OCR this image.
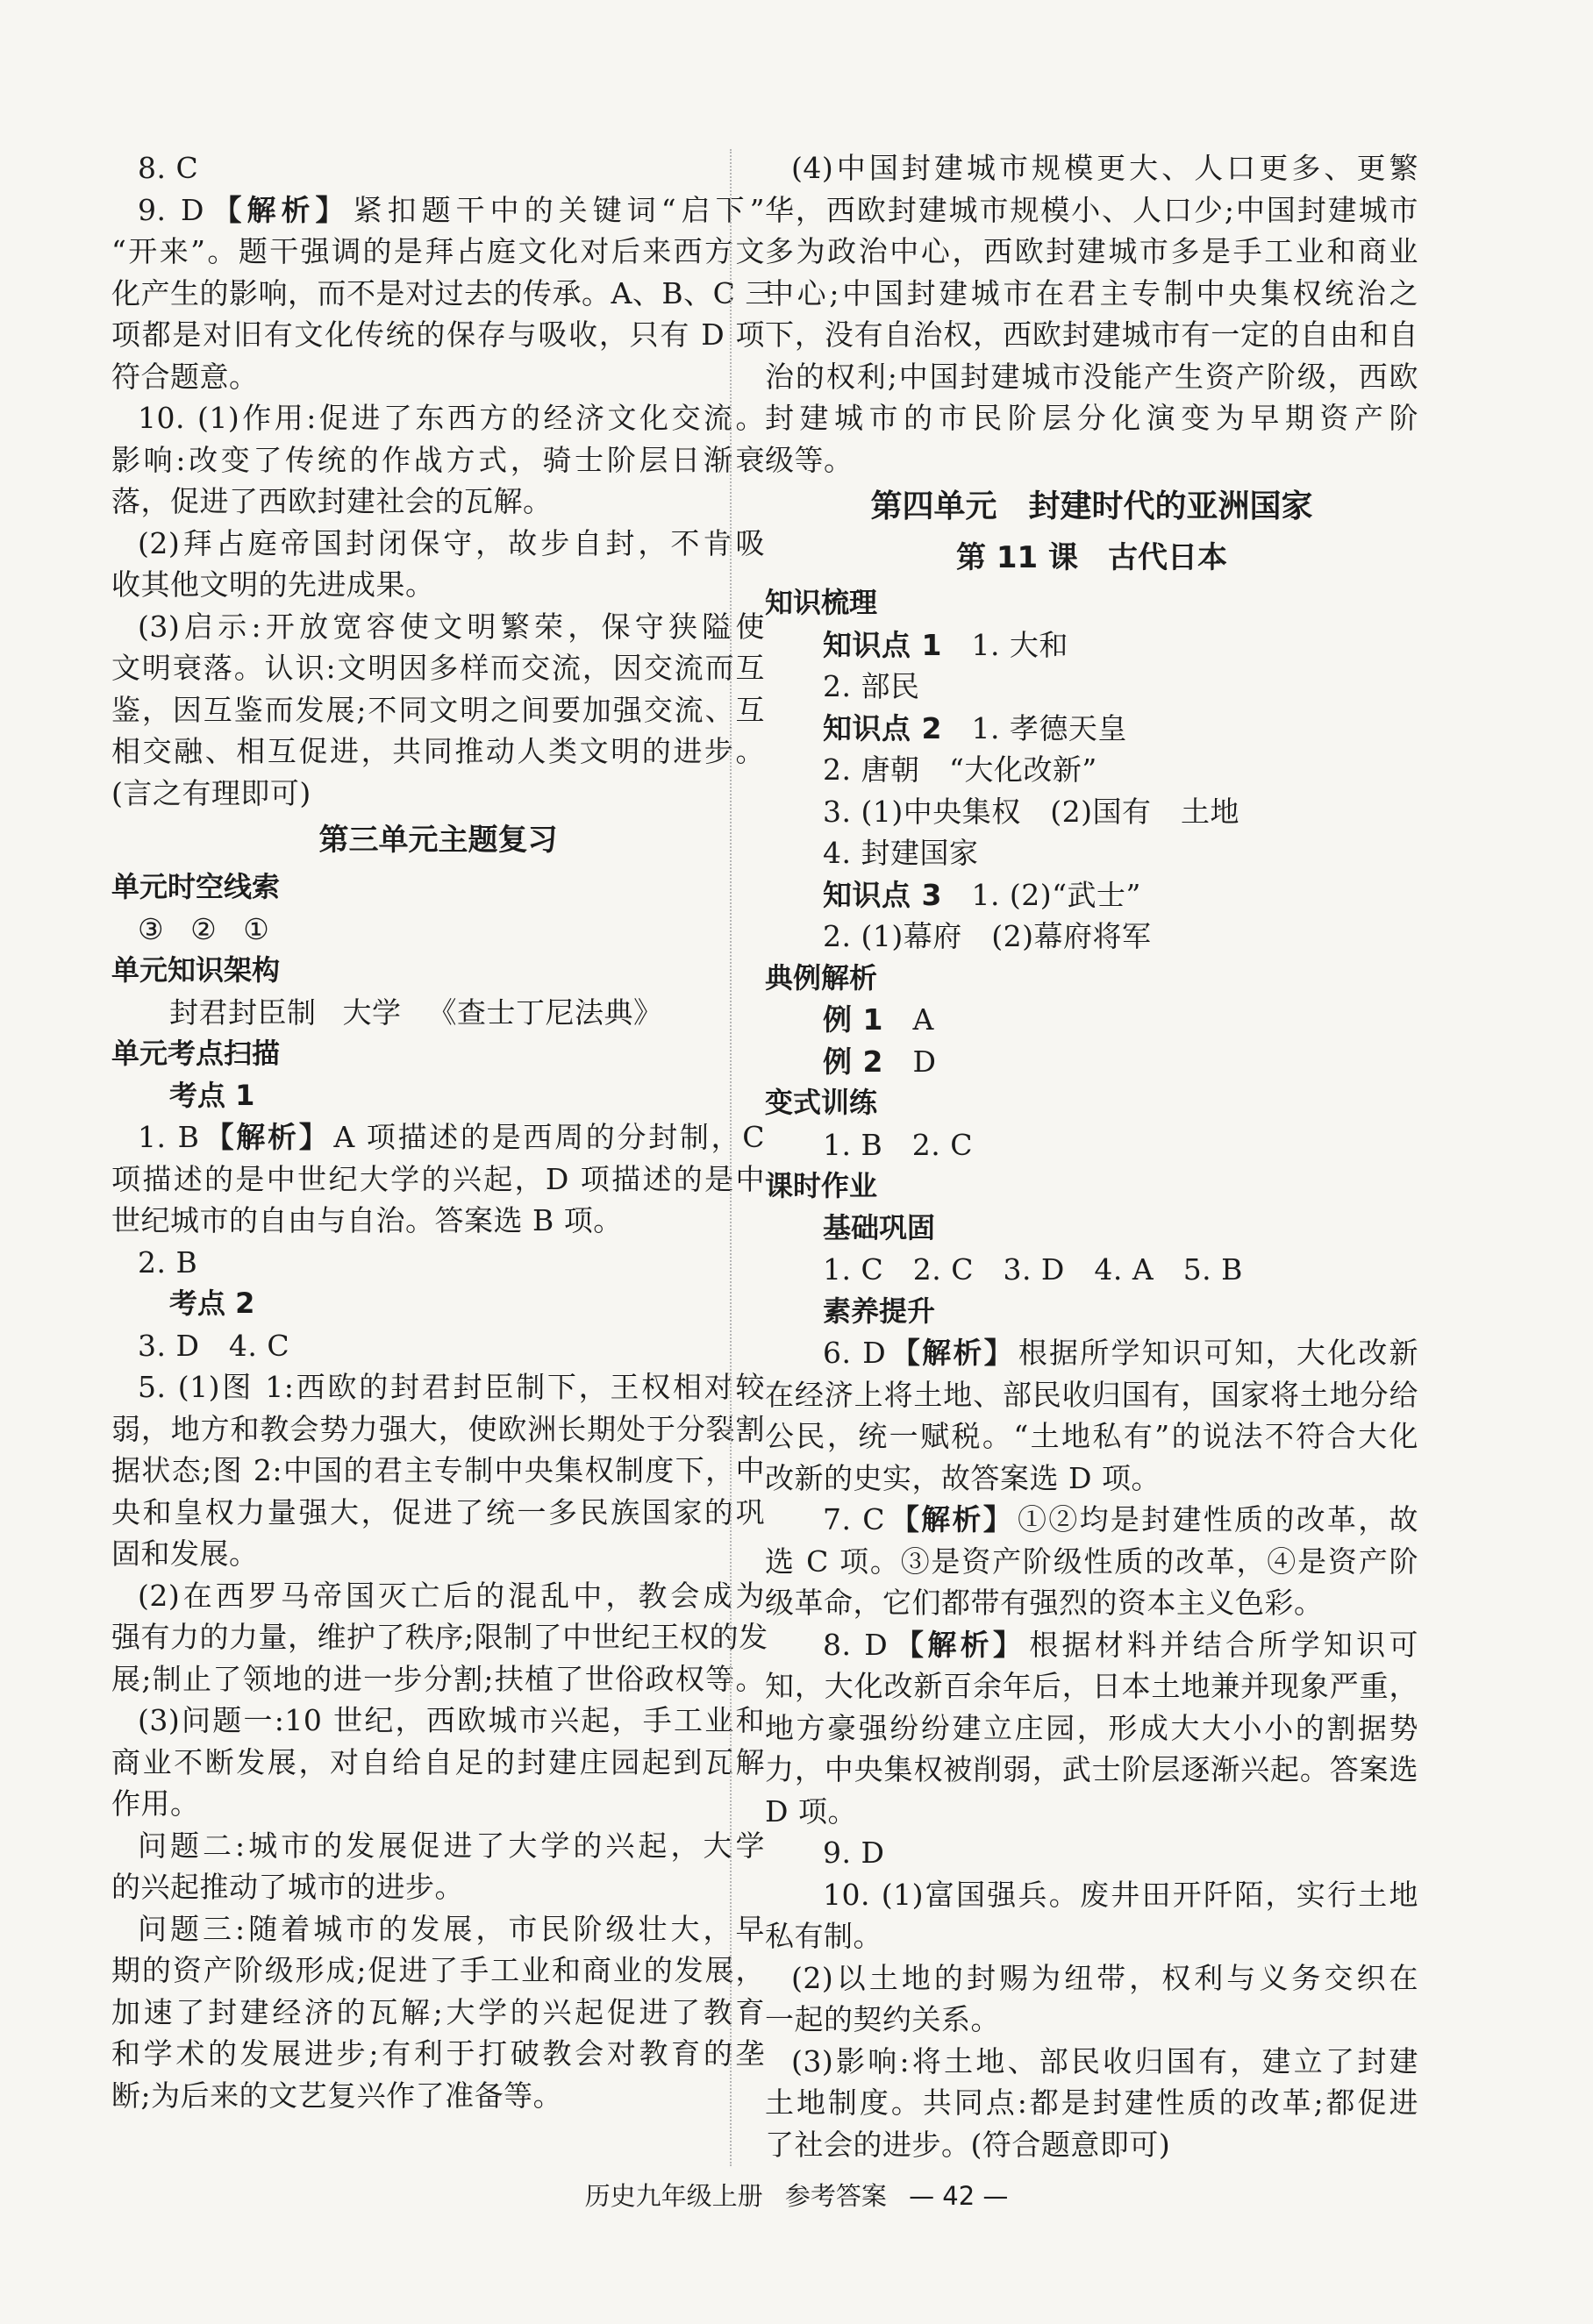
8. C
9. D 【解析】 紧扣题干中的关键词“启下”
“开来”。题干强调的是拜占庭文化对后来西方文
化产生的影响，而不是对过去的传承。A、B、C 三
项都是对旧有文化传统的保存与吸收，只有 D 项
符合题意。
10. (1)作用:促进了东西方的经济文化交流。
影响:改变了传统的作战方式，骑士阶层日渐衰
落，促进了西欧封建社会的瓦解。
(2)拜占庭帝国封闭保守，故步自封，不肯吸
收其他文明的先进成果。
(3)启示:开放宽容使文明繁荣，保守狭隘使
文明衰落。认识:文明因多样而交流，因交流而互
鉴，因互鉴而发展;不同文明之间要加强交流、互
相交融、相互促进，共同推动人类文明的进步。
(言之有理即可)
第三单元主题复习
单元时空线索
③ ② ①
单元知识架构
封君封臣制 大学 《查士丁尼法典》
单元考点扫描
考点 1
1. B 【解析】 A 项描述的是西周的分封制，C
项描述的是中世纪大学的兴起，D 项描述的是中
世纪城市的自由与自治。答案选 B 项。
2. B
考点 2
3. D　4. C
5. (1)图 1:西欧的封君封臣制下，王权相对较
弱，地方和教会势力强大，使欧洲长期处于分裂割
据状态;图 2:中国的君主专制中央集权制度下，中
央和皇权力量强大，促进了统一多民族国家的巩
固和发展。
(2)在西罗马帝国灭亡后的混乱中，教会成为
强有力的力量，维护了秩序;限制了中世纪王权的发
展;制止了领地的进一步分割;扶植了世俗政权等。
(3)问题一:10 世纪，西欧城市兴起，手工业和
商业不断发展，对自给自足的封建庄园起到瓦解
作用。
问题二:城市的发展促进了大学的兴起，大学
的兴起推动了城市的进步。
问题三:随着城市的发展，市民阶级壮大，早
期的资产阶级形成;促进了手工业和商业的发展，
加速了封建经济的瓦解;大学的兴起促进了教育
和学术的发展进步;有利于打破教会对教育的垄
断;为后来的文艺复兴作了准备等。
(4)中国封建城市规模更大、人口更多、更繁
华，西欧封建城市规模小、人口少;中国封建城市
多为政治中心，西欧封建城市多是手工业和商业
中心;中国封建城市在君主专制中央集权统治之
下，没有自治权，西欧封建城市有一定的自由和自
治的权利;中国封建城市没能产生资产阶级，西欧
封建城市的市民阶层分化演变为早期资产阶
级等。
第四单元　封建时代的亚洲国家
第 11 课　古代日本
知识梳理
知识点 1　 1. 大和
2. 部民
知识点 2　 1. 孝德天皇
2. 唐朝　“大化改新”
3. (1)中央集权　(2)国有　土地
4. 封建国家
知识点 3　 1. (2)“武士”
2. (1)幕府　(2)幕府将军
典例解析
例 1　 A
例 2　 D
变式训练
1. B　2. C
课时作业
基础巩固
1. C　2. C　3. D　4. A　5. B
素养提升
6. D 【解析】 根据所学知识可知，大化改新
在经济上将土地、部民收归国有，国家将土地分给
公民，统一赋税。“土地私有”的说法不符合大化
改新的史实，故答案选 D 项。
7. C 【解析】 ①②均是封建性质的改革，故
选 C 项。③是资产阶级性质的改革，④是资产阶
级革命，它们都带有强烈的资本主义色彩。
8. D 【解析】 根据材料并结合所学知识可
知，大化改新百余年后，日本土地兼并现象严重，
地方豪强纷纷建立庄园，形成大大小小的割据势
力，中央集权被削弱，武士阶层逐渐兴起。答案选
D 项。
9. D
10. (1)富国强兵。废井田开阡陌，实行土地
私有制。
(2)以土地的封赐为纽带，权利与义务交织在
一起的契约关系。
(3)影响:将土地、部民收归国有，建立了封建
土地制度。共同点:都是封建性质的改革;都促进
了社会的进步。(符合题意即可)
历史九年级上册 参考答案 — 42 —
